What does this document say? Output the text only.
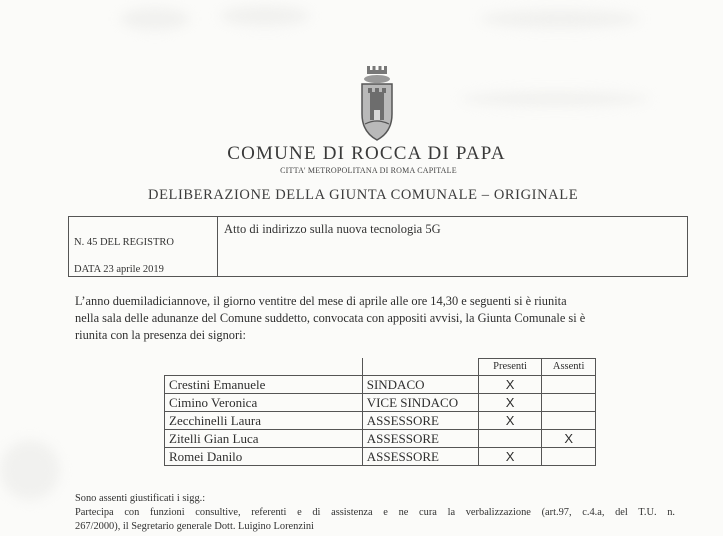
COMUNE DI ROCCA DI PAPA
CITTA' METROPOLITANA DI ROMA CAPITALE
DELIBERAZIONE DELLA GIUNTA COMUNALE – ORIGINALE
N. 45 DEL REGISTRO
DATA 23 aprile 2019
Atto di indirizzo sulla nuova tecnologia 5G
L’anno duemiladiciannove, il giorno ventitre del mese di aprile alle ore 14,30 e seguenti si è riunita
nella sala delle adunanze del Comune suddetto, convocata con appositi avvisi, la Giunta Comunale si è
riunita con la presenza dei signori:
		Presenti	Assenti
Crestini Emanuele	SINDACO	X	
Cimino Veronica	VICE SINDACO	X	
Zecchinelli Laura	ASSESSORE	X	
Zitelli Gian Luca	ASSESSORE		X
Romei Danilo	ASSESSORE	X	
Sono assenti giustificati i sigg.:
Partecipa con funzioni consultive, referenti e di assistenza e ne cura la verbalizzazione (art.97, c.4.a, del T.U. n.
267/2000), il Segretario generale Dott. Luigino Lorenzini
